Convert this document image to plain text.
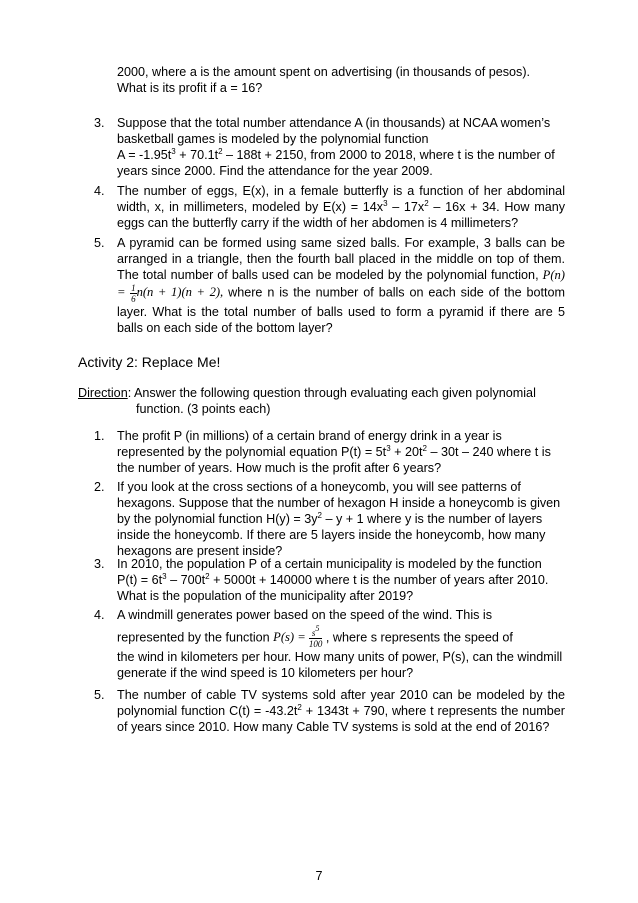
2000, where a is the amount spent on advertising (in thousands of pesos).
What is its profit if a = 16?
3. Suppose that the total number attendance A (in thousands) at NCAA women’s
basketball games is modeled by the polynomial function
$A = -1.95t^3 + 70.1t^2 - 188t + 2150$, from 2000 to 2018, where t is the number of
years since 2000. Find the attendance for the year 2009.
4. The number of eggs, E(x), in a female butterfly is a function of her abdominal width, x, in millimeters, modeled by $E(x) = 14x^3 - 17x^2 - 16x + 34$. How many eggs can the butterfly carry if the width of her abdomen is 4 millimeters?
5. A pyramid can be formed using same sized balls. For example, 3 balls can be arranged in a triangle, then the fourth ball placed in the middle on top of them. The total number of balls used can be modeled by the polynomial function, $P(n) = \frac{1}{6} n(n + 1)(n + 2)$, where n is the number of balls on each side of the bottom layer. What is the total number of balls used to form a pyramid if there are 5 balls on each side of the bottom layer?
Activity 2: Replace Me!
Direction: Answer the following question through evaluating each given polynomial
function. (3 points each)
1. The profit P (in millions) of a certain brand of energy drink in a year is represented by the polynomial equation $P(t) = 5t^3 + 20t^2 - 30t - 240$ where t is the number of years. How much is the profit after 6 years?
2. If you look at the cross sections of a honeycomb, you will see patterns of hexagons. Suppose that the number of hexagon H inside a honeycomb is given by the polynomial function $H(y) = 3y^2 - y + 1$ where y is the number of layers inside the honeycomb. If there are 5 layers inside the honeycomb, how many hexagons are present inside?
3. In 2010, the population P of a certain municipality is modeled by the function $P(t) = 6t^3 - 700t^2 + 5000t + 140000$ where t is the number of years after 2010. What is the population of the municipality after 2019?
4. A windmill generates power based on the speed of the wind. This is
represented by the function $P(s) = \frac{s^5}{100}$ , where s represents the speed of
the wind in kilometers per hour. How many units of power, P(s), can the windmill generate if the wind speed is 10 kilometers per hour?
5. The number of cable TV systems sold after year 2010 can be modeled by the polynomial function $C(t) = -43.2t^2 + 1343t + 790$, where t represents the number of years since 2010. How many Cable TV systems is sold at the end of 2016?
7
